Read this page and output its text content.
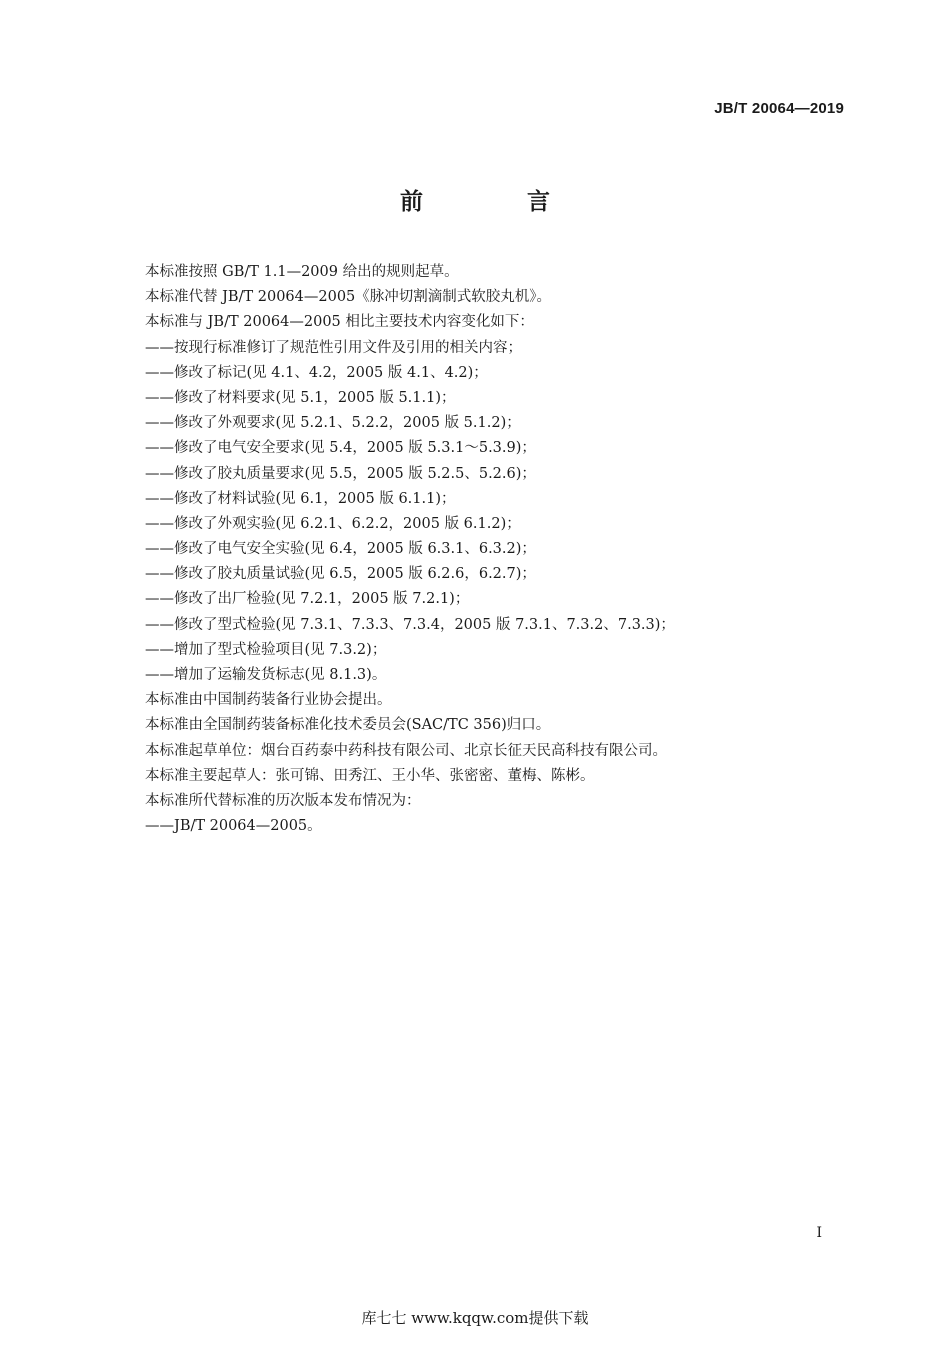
JB/T 20064—2019
前 言
本标准按照 GB/T 1.1—2009 给出的规则起草。
本标准代替 JB/T 20064—2005《脉冲切割滴制式软胶丸机》。
本标准与 JB/T 20064—2005 相比主要技术内容变化如下：
——按现行标准修订了规范性引用文件及引用的相关内容；
——修改了标记(见 4.1、4.2，2005 版 4.1、4.2)；
——修改了材料要求(见 5.1，2005 版 5.1.1)；
——修改了外观要求(见 5.2.1、5.2.2，2005 版 5.1.2)；
——修改了电气安全要求(见 5.4，2005 版 5.3.1～5.3.9)；
——修改了胶丸质量要求(见 5.5，2005 版 5.2.5、5.2.6)；
——修改了材料试验(见 6.1，2005 版 6.1.1)；
——修改了外观实验(见 6.2.1、6.2.2，2005 版 6.1.2)；
——修改了电气安全实验(见 6.4，2005 版 6.3.1、6.3.2)；
——修改了胶丸质量试验(见 6.5，2005 版 6.2.6，6.2.7)；
——修改了出厂检验(见 7.2.1，2005 版 7.2.1)；
——修改了型式检验(见 7.3.1、7.3.3、7.3.4，2005 版 7.3.1、7.3.2、7.3.3)；
——增加了型式检验项目(见 7.3.2)；
——增加了运输发货标志(见 8.1.3)。
本标准由中国制药装备行业协会提出。
本标准由全国制药装备标准化技术委员会(SAC/TC 356)归口。
本标准起草单位：烟台百药泰中药科技有限公司、北京长征天民高科技有限公司。
本标准主要起草人：张可锦、田秀江、王小华、张密密、董梅、陈彬。
本标准所代替标准的历次版本发布情况为：
——JB/T 20064—2005。
I
库七七 www.kqqw.com提供下载
